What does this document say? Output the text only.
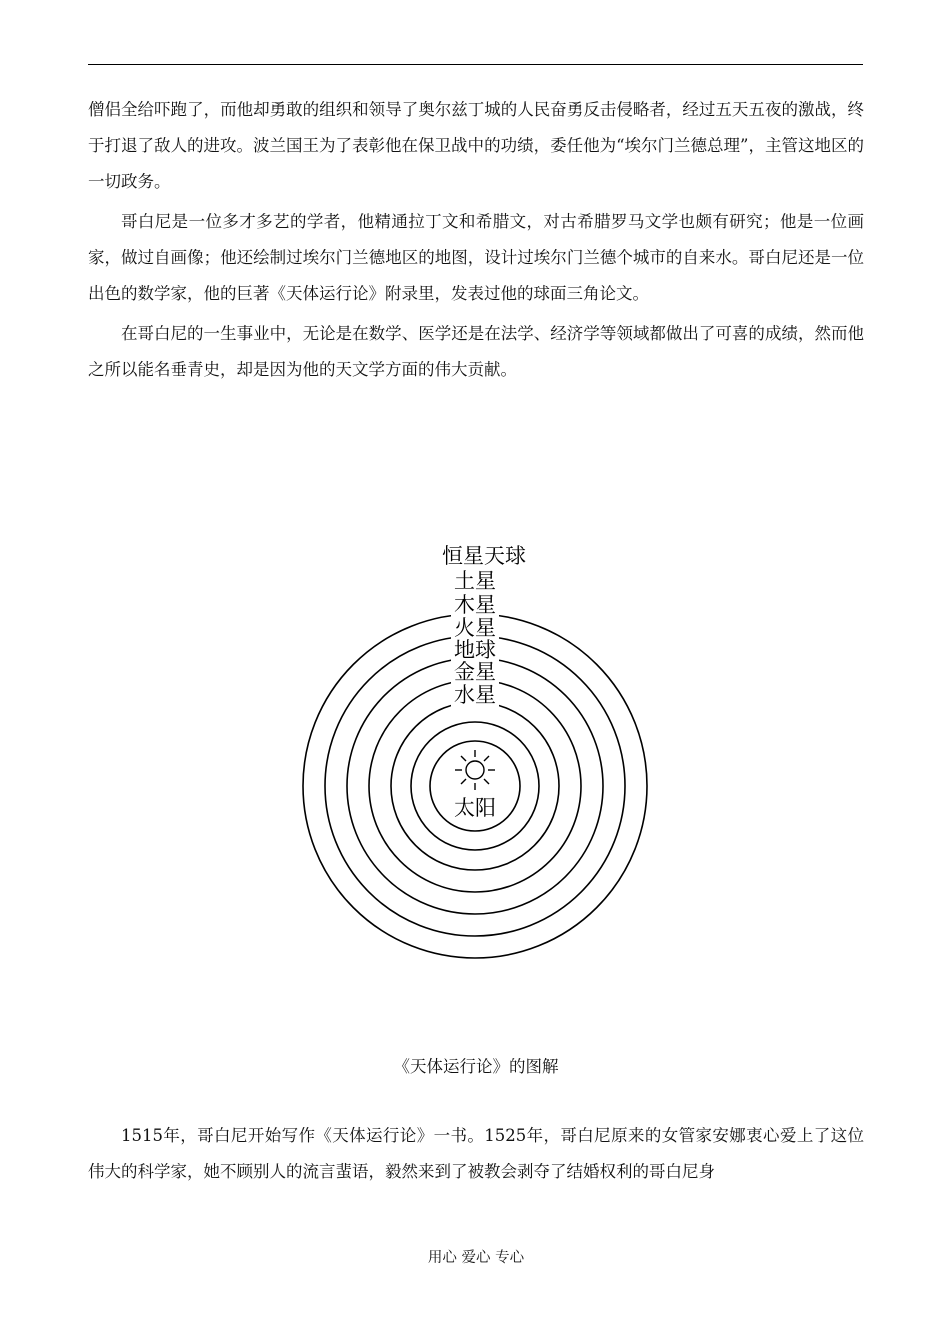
僧侣全给吓跑了，而他却勇敢的组织和领导了奥尔兹丁城的人民奋勇反击侵略者，经过五天五夜的激战，终于打退了敌人的进攻。波兰国王为了表彰他在保卫战中的功绩，委任他为“埃尔门兰德总理”，主管这地区的一切政务。

哥白尼是一位多才多艺的学者，他精通拉丁文和希腊文，对古希腊罗马文学也颇有研究；他是一位画家，做过自画像；他还绘制过埃尔门兰德地区的地图，设计过埃尔门兰德个城市的自来水。哥白尼还是一位出色的数学家，他的巨著《天体运行论》附录里，发表过他的球面三角论文。

在哥白尼的一生事业中，无论是在数学、医学还是在法学、经济学等领域都做出了可喜的成绩，然而他之所以能名垂青史，却是因为他的天文学方面的伟大贡献。

恒星天球
土星
木星
火星
地球
金星
水星
太阳
《天体运行论》的图解

1515年，哥白尼开始写作《天体运行论》一书。1525年，哥白尼原来的女管家安娜衷心爱上了这位伟大的科学家，她不顾别人的流言蜚语，毅然来到了被教会剥夺了结婚权利的哥白尼身

用心 爱心 专心
